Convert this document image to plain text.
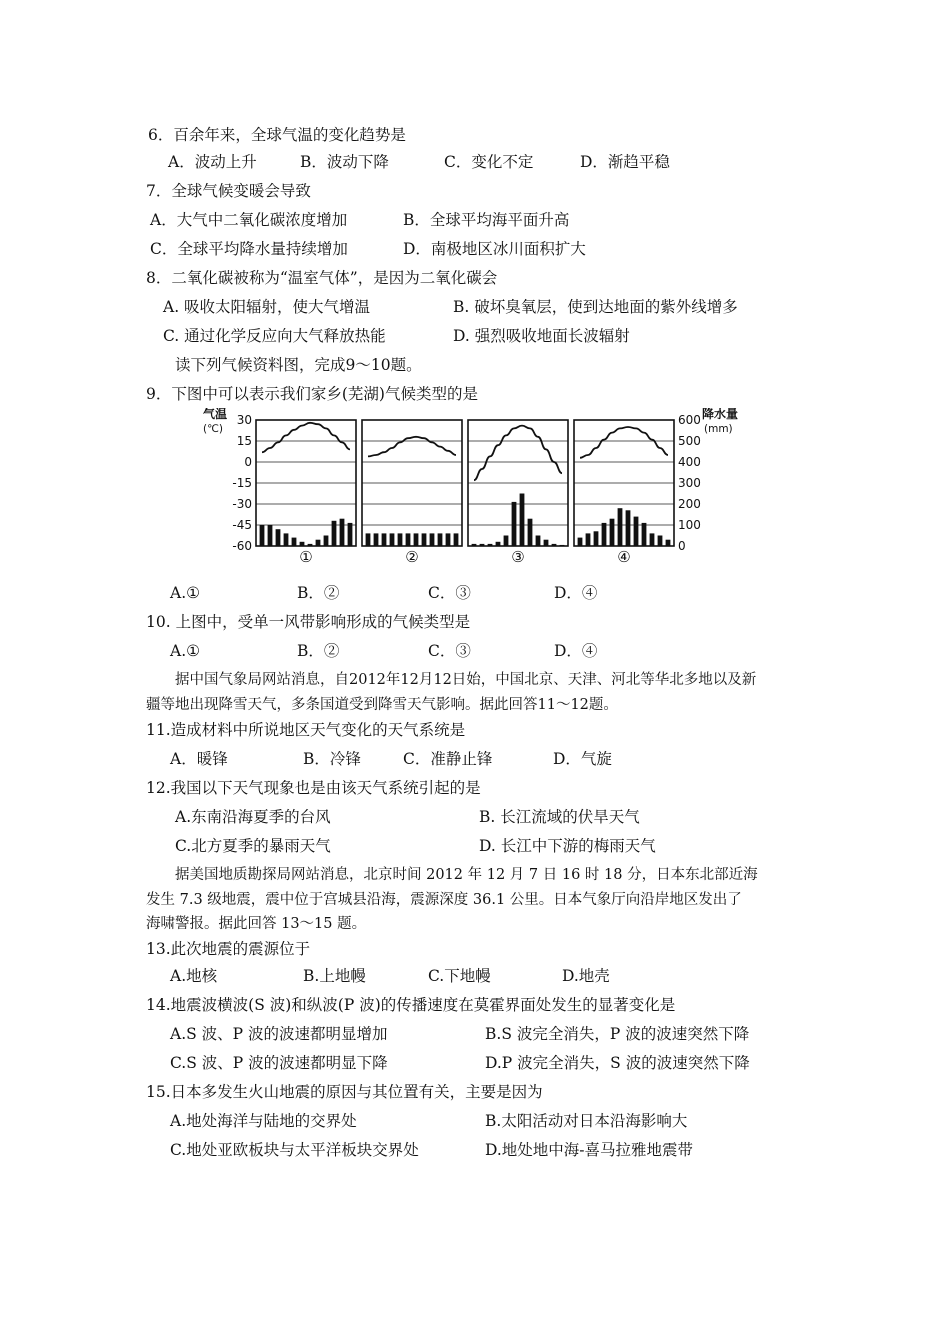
6．百余年来，全球气温的变化趋势是
A．波动上升	B．波动下降	C．变化不定	D．渐趋平稳
7．全球气候变暖会导致
A．大气中二氧化碳浓度增加	B．全球平均海平面升高
C．全球平均降水量持续增加	D．南极地区冰川面积扩大
8．二氧化碳被称为“温室气体”，是因为二氧化碳会
A. 吸收太阳辐射，使大气增温	B. 破坏臭氧层，使到达地面的紫外线增多
C. 通过化学反应向大气释放热能	D. 强烈吸收地面长波辐射
读下列气候资料图，完成9～10题。
9．下图中可以表示我们家乡(芜湖)气候类型的是
30
15
0
-15
-30
-45
-60
600
500
400
300
200
100
0
气温
(℃)
降水量
(mm)
①	②	③	④
A.①	B．②	C．③	D．④
10. 上图中，受单一风带影响形成的气候类型是
A.①	B．②	C．③	D．④
据中国气象局网站消息，自2012年12月12日始，中国北京、天津、河北等华北多地以及新
疆等地出现降雪天气，多条国道受到降雪天气影响。据此回答11～12题。
11.造成材料中所说地区天气变化的天气系统是
A．暖锋	B．冷锋	C．准静止锋	D．气旋
12.我国以下天气现象也是由该天气系统引起的是
A.东南沿海夏季的台风	B. 长江流域的伏旱天气
C.北方夏季的暴雨天气	D. 长江中下游的梅雨天气
据美国地质勘探局网站消息，北京时间 2012 年 12 月 7 日 16 时 18 分，日本东北部近海
发生 7.3 级地震，震中位于宫城县沿海，震源深度 36.1 公里。日本气象厅向沿岸地区发出了
海啸警报。据此回答 13～15 题。
13.此次地震的震源位于
A.地核	B.上地幔	C.下地幔	D.地壳
14.地震波横波(S 波)和纵波(P 波)的传播速度在莫霍界面处发生的显著变化是
A.S 波、P 波的波速都明显增加	B.S 波完全消失，P 波的波速突然下降
C.S 波、P 波的波速都明显下降	D.P 波完全消失，S 波的波速突然下降
15.日本多发生火山地震的原因与其位置有关，主要是因为
A.地处海洋与陆地的交界处	B.太阳活动对日本沿海影响大
C.地处亚欧板块与太平洋板块交界处	D.地处地中海-喜马拉雅地震带
